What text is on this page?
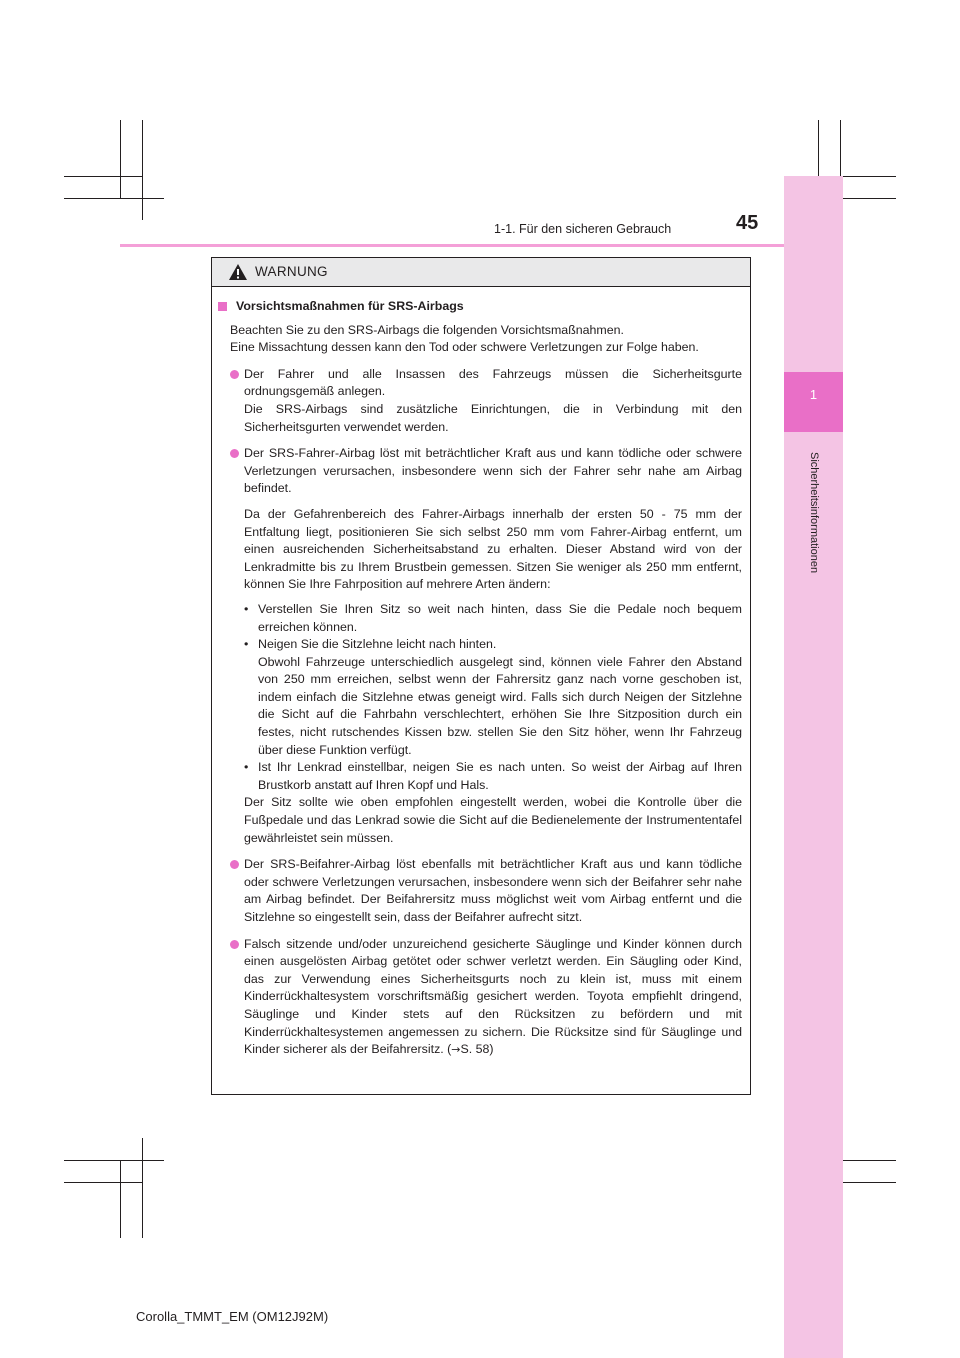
1
Sicherheitsinformationen
1-1. Für den sicheren Gebrauch	45
WARNUNG
Vorsichtsmaßnahmen für SRS-Airbags
Beachten Sie zu den SRS-Airbags die folgenden Vorsichtsmaßnahmen.
Eine Missachtung dessen kann den Tod oder schwere Verletzungen zur Folge haben.
Der Fahrer und alle Insassen des Fahrzeugs müssen die Sicherheitsgurte ordnungsgemäß anlegen.
Die SRS-Airbags sind zusätzliche Einrichtungen, die in Verbindung mit den Sicherheitsgurten verwendet werden.
Der SRS-Fahrer-Airbag löst mit beträchtlicher Kraft aus und kann tödliche oder schwere Verletzungen verursachen, insbesondere wenn sich der Fahrer sehr nahe am Airbag befindet.
Da der Gefahrenbereich des Fahrer-Airbags innerhalb der ersten 50 - 75 mm der Entfaltung liegt, positionieren Sie sich selbst 250 mm vom Fahrer-Airbag entfernt, um einen ausreichenden Sicherheitsabstand zu erhalten. Dieser Abstand wird von der Lenkradmitte bis zu Ihrem Brustbein gemessen. Sitzen Sie weniger als 250 mm entfernt, können Sie Ihre Fahrposition auf mehrere Arten ändern:
• Verstellen Sie Ihren Sitz so weit nach hinten, dass Sie die Pedale noch bequem erreichen können.
• Neigen Sie die Sitzlehne leicht nach hinten.
Obwohl Fahrzeuge unterschiedlich ausgelegt sind, können viele Fahrer den Abstand von 250 mm erreichen, selbst wenn der Fahrersitz ganz nach vorne geschoben ist, indem einfach die Sitzlehne etwas geneigt wird. Falls sich durch Neigen der Sitzlehne die Sicht auf die Fahrbahn verschlechtert, erhöhen Sie Ihre Sitzposition durch ein festes, nicht rutschendes Kissen bzw. stellen Sie den Sitz höher, wenn Ihr Fahrzeug über diese Funktion verfügt.
• Ist Ihr Lenkrad einstellbar, neigen Sie es nach unten. So weist der Airbag auf Ihren Brustkorb anstatt auf Ihren Kopf und Hals.
Der Sitz sollte wie oben empfohlen eingestellt werden, wobei die Kontrolle über die Fußpedale und das Lenkrad sowie die Sicht auf die Bedienelemente der Instrumententafel gewährleistet sein müssen.
Der SRS-Beifahrer-Airbag löst ebenfalls mit beträchtlicher Kraft aus und kann tödliche oder schwere Verletzungen verursachen, insbesondere wenn sich der Beifahrer sehr nahe am Airbag befindet. Der Beifahrersitz muss möglichst weit vom Airbag entfernt und die Sitzlehne so eingestellt sein, dass der Beifahrer aufrecht sitzt.
Falsch sitzende und/oder unzureichend gesicherte Säuglinge und Kinder können durch einen ausgelösten Airbag getötet oder schwer verletzt werden. Ein Säugling oder Kind, das zur Verwendung eines Sicherheitsgurts noch zu klein ist, muss mit einem Kinderrückhaltesystem vorschriftsmäßig gesichert werden. Toyota empfiehlt dringend, Säuglinge und Kinder stets auf den Rücksitzen zu befördern und mit Kinderrückhaltesystemen angemessen zu sichern. Die Rücksitze sind für Säuglinge und Kinder sicherer als der Beifahrersitz. (→S. 58)
Corolla_TMMT_EM (OM12J92M)
